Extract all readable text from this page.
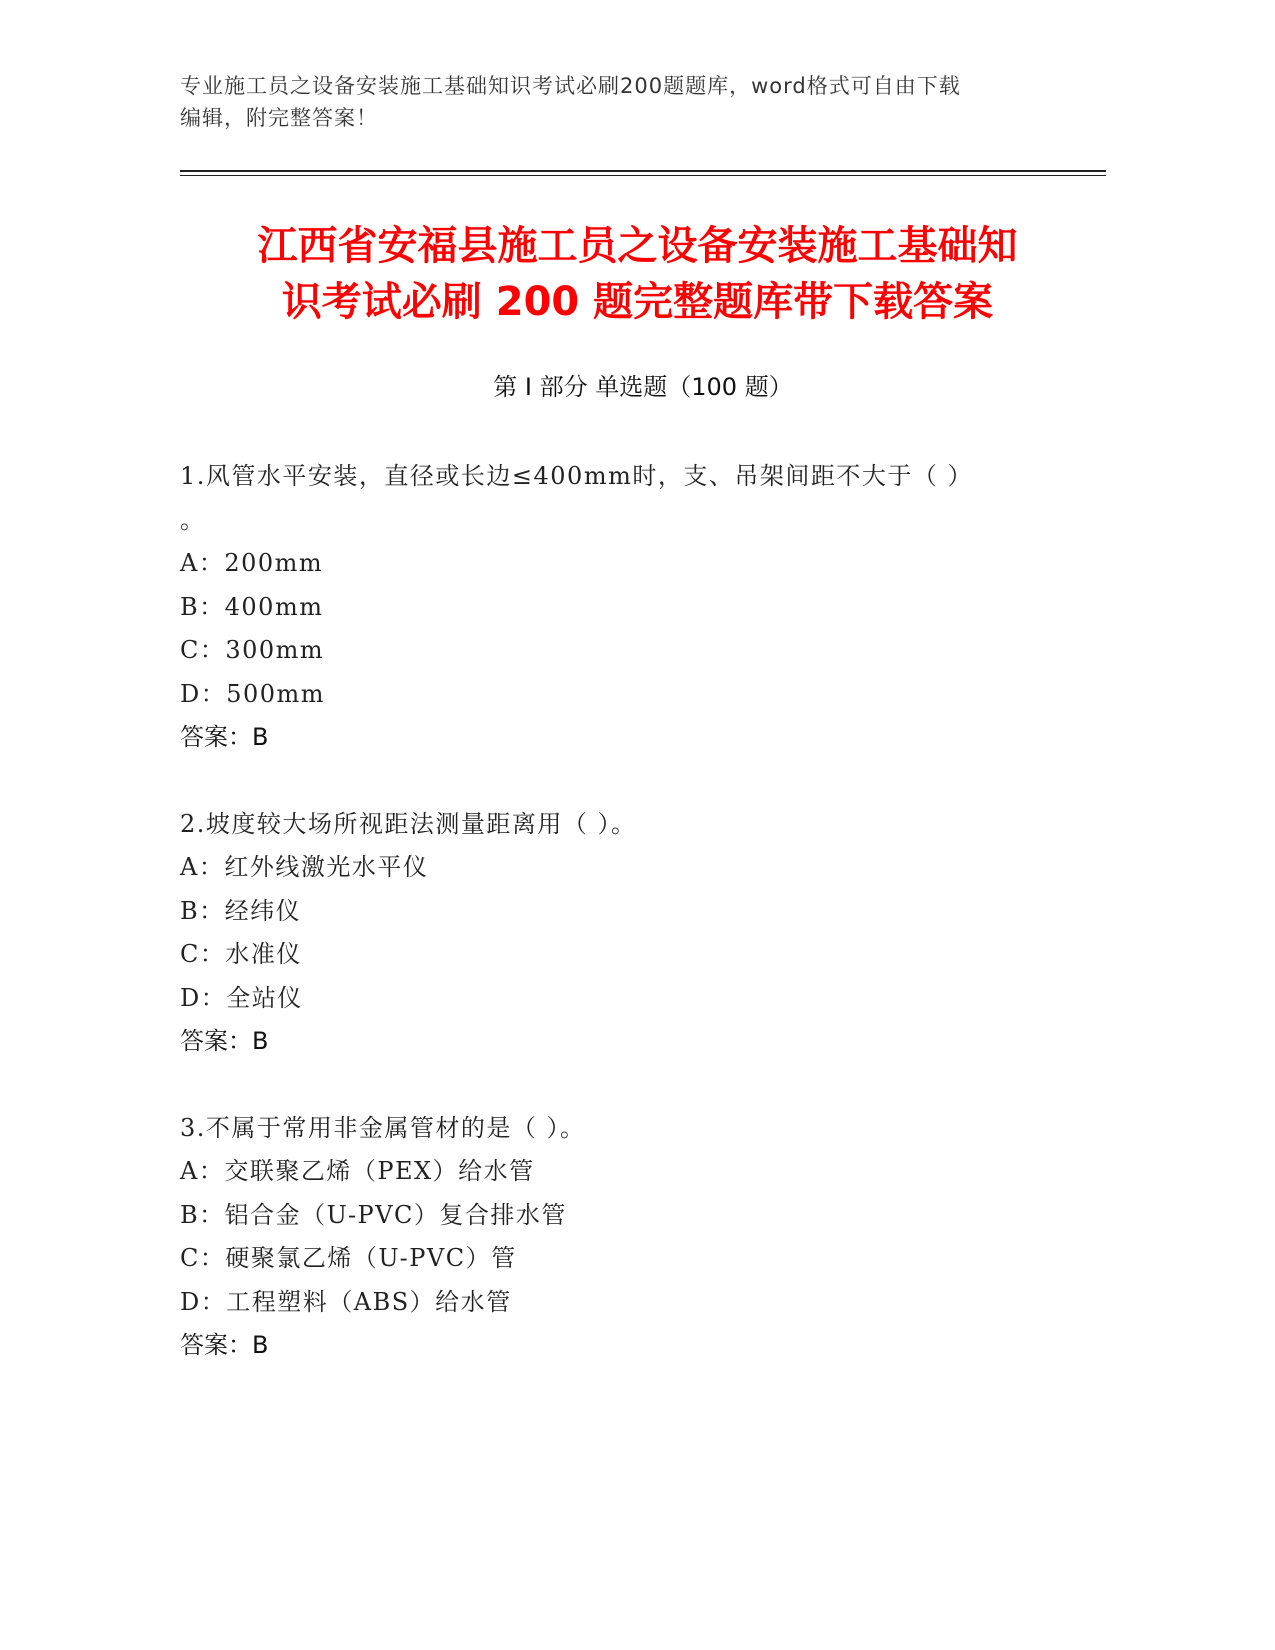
专业施工员之设备安装施工基础知识考试必刷200题题库，word格式可自由下载
编辑，附完整答案！
江西省安福县施工员之设备安装施工基础知
识考试必刷 200 题完整题库带下载答案
第 I 部分 单选题（100 题）
1.风管水平安装，直径或长边≤400mm时，支、吊架间距不大于（ ）
。
A：200mm
B：400mm
C：300mm
D：500mm
答案：B
2.坡度较大场所视距法测量距离用（ ）。
A：红外线激光水平仪
B：经纬仪
C：水准仪
D：全站仪
答案：B
3.不属于常用非金属管材的是（ ）。
A：交联聚乙烯（PEX）给水管
B：铝合金（U-PVC）复合排水管
C：硬聚氯乙烯（U-PVC）管
D：工程塑料（ABS）给水管
答案：B
